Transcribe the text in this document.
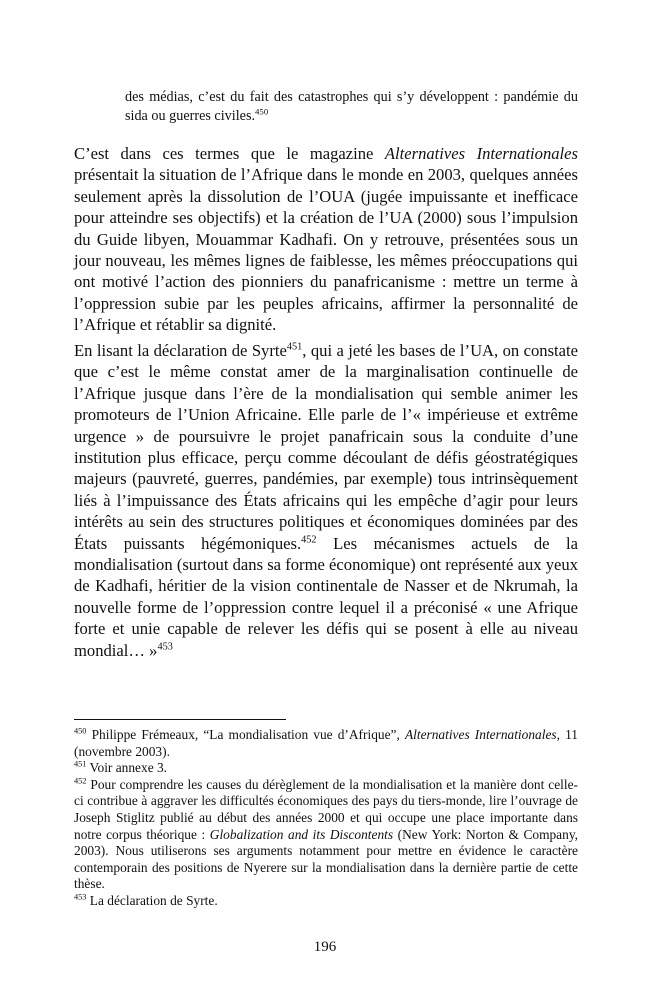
des médias, c’est du fait des catastrophes qui s’y développent : pandémie du sida ou guerres civiles.$^{450}$

C’est dans ces termes que le magazine Alternatives Internationales présentait la situation de l’Afrique dans le monde en 2003, quelques années seulement après la dissolution de l’OUA (jugée impuissante et inefficace pour atteindre ses objectifs) et la création de l’UA (2000) sous l’impulsion du Guide libyen, Mouammar Kadhafi. On y retrouve, présentées sous un jour nouveau, les mêmes lignes de faiblesse, les mêmes préoccupations qui ont motivé l’action des pionniers du panafricanisme : mettre un terme à l’oppression subie par les peuples africains, affirmer la personnalité de l’Afrique et rétablir sa dignité.

En lisant la déclaration de Syrte$^{451}$, qui a jeté les bases de l’UA, on constate que c’est le même constat amer de la marginalisation continuelle de l’Afrique jusque dans l’ère de la mondialisation qui semble animer les promoteurs de l’Union Africaine. Elle parle de l’« impérieuse et extrême urgence » de poursuivre le projet panafricain sous la conduite d’une institution plus efficace, perçu comme découlant de défis géostratégiques majeurs (pauvreté, guerres, pandémies, par exemple) tous intrinsèquement liés à l’impuissance des États africains qui les empêche d’agir pour leurs intérêts au sein des structures politiques et économiques dominées par des États puissants hégémoniques.$^{452}$ Les mécanismes actuels de la mondialisation (surtout dans sa forme économique) ont représenté aux yeux de Kadhafi, héritier de la vision continentale de Nasser et de Nkrumah, la nouvelle forme de l’oppression contre lequel il a préconisé « une Afrique forte et unie capable de relever les défis qui se posent à elle au niveau mondial… »$^{453}$

$^{450}$ Philippe Frémeaux, “La mondialisation vue d’Afrique”, Alternatives Internationales, 11 (novembre 2003).

$^{451}$ Voir annexe 3.

$^{452}$ Pour comprendre les causes du dérèglement de la mondialisation et la manière dont celle-ci contribue à aggraver les difficultés économiques des pays du tiers-monde, lire l’ouvrage de Joseph Stiglitz publié au début des années 2000 et qui occupe une place importante dans notre corpus théorique : Globalization and its Discontents (New York: Norton & Company, 2003). Nous utiliserons ses arguments notamment pour mettre en évidence le caractère contemporain des positions de Nyerere sur la mondialisation dans la dernière partie de cette thèse.

$^{453}$ La déclaration de Syrte.

196
